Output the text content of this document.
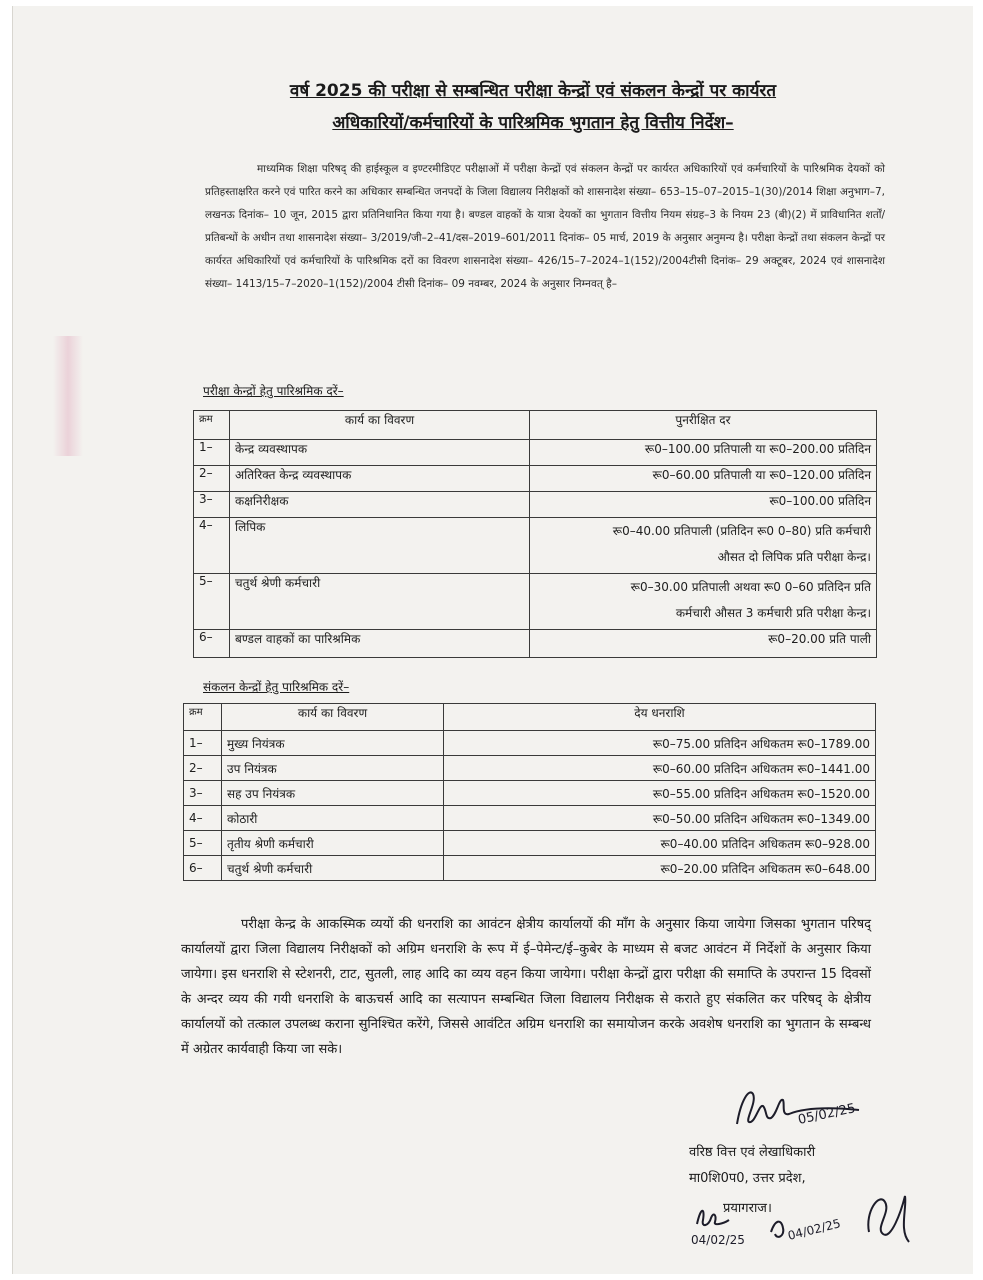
वर्ष 2025 की परीक्षा से सम्बन्धित परीक्षा केन्द्रों एवं संकलन केन्द्रों पर कार्यरत
अधिकारियों/कर्मचारियों के पारिश्रमिक भुगतान हेतु वित्तीय निर्देश–
माध्यमिक शिक्षा परिषद् की हाईस्कूल व इण्टरमीडिएट परीक्षाओं में परीक्षा केन्द्रों एवं संकलन केन्द्रों पर कार्यरत अधिकारियों एवं कर्मचारियों के पारिश्रमिक देयकों को प्रतिहस्ताक्षरित करने एवं पारित करने का अधिकार सम्बन्धित जनपदों के जिला विद्यालय निरीक्षकों को शासनादेश संख्या– 653–15–07–2015–1(30)/2014 शिक्षा अनुभाग–7, लखनऊ दिनांक– 10 जून, 2015 द्वारा प्रतिनिधानित किया गया है। बण्डल वाहकों के यात्रा देयकों का भुगतान वित्तीय नियम संग्रह–3 के नियम 23 (बी)(2) में प्राविधानित शर्तों/प्रतिबन्धों के अधीन तथा शासनादेश संख्या– 3/2019/जी–2–41/दस–2019–601/2011 दिनांक– 05 मार्च, 2019 के अनुसार अनुमन्य है। परीक्षा केन्द्रों तथा संकलन केन्द्रों पर कार्यरत अधिकारियों एवं कर्मचारियों के पारिश्रमिक दरों का विवरण शासनादेश संख्या– 426/15–7–2024–1(152)/2004टीसी दिनांक– 29 अक्टूबर, 2024 एवं शासनादेश संख्या– 1413/15–7–2020–1(152)/2004 टीसी दिनांक– 09 नवम्बर, 2024 के अनुसार निम्नवत् है–
परीक्षा केन्द्रों हेतु पारिश्रमिक दरें–
क्रम	कार्य का विवरण	पुनरीक्षित दर
1–	केन्द्र व्यवस्थापक	रू0–100.00 प्रतिपाली या रू0–200.00 प्रतिदिन
2–	अतिरिक्त केन्द्र व्यवस्थापक	रू0–60.00 प्रतिपाली या रू0–120.00 प्रतिदिन
3–	कक्षनिरीक्षक	रू0–100.00 प्रतिदिन
4–	लिपिक	रू0–40.00 प्रतिपाली (प्रतिदिन रू0 0–80) प्रति कर्मचारी
औसत दो लिपिक प्रति परीक्षा केन्द्र।

5–	चतुर्थ श्रेणी कर्मचारी	रू0–30.00 प्रतिपाली अथवा रू0 0–60 प्रतिदिन प्रति
कर्मचारी औसत 3 कर्मचारी प्रति परीक्षा केन्द्र।

6–	बण्डल वाहकों का पारिश्रमिक	रू0–20.00 प्रति पाली
संकलन केन्द्रों हेतु पारिश्रमिक दरें–
क्रम	कार्य का विवरण	देय धनराशि
1–	मुख्य नियंत्रक	रू0–75.00 प्रतिदिन अधिकतम रू0–1789.00
2–	उप नियंत्रक	रू0–60.00 प्रतिदिन अधिकतम रू0–1441.00
3–	सह उप नियंत्रक	रू0–55.00 प्रतिदिन अधिकतम रू0–1520.00
4–	कोठारी	रू0–50.00 प्रतिदिन अधिकतम रू0–1349.00
5–	तृतीय श्रेणी कर्मचारी	रू0–40.00 प्रतिदिन अधिकतम रू0–928.00
6–	चतुर्थ श्रेणी कर्मचारी	रू0–20.00 प्रतिदिन अधिकतम रू0–648.00
परीक्षा केन्द्र के आकस्मिक व्ययों की धनराशि का आवंटन क्षेत्रीय कार्यालयों की माँग के अनुसार किया जायेगा जिसका भुगतान परिषद् कार्यालयों द्वारा जिला विद्यालय निरीक्षकों को अग्रिम धनराशि के रूप में ई–पेमेन्ट/ई–कुबेर के माध्यम से बजट आवंटन में निर्देशों के अनुसार किया जायेगा। इस धनराशि से स्टेशनरी, टाट, सुतली, लाह आदि का व्यय वहन किया जायेगा। परीक्षा केन्द्रों द्वारा परीक्षा की समाप्ति के उपरान्त 15 दिवसों के अन्दर व्यय की गयी धनराशि के बाऊचर्स आदि का सत्यापन सम्बन्धित जिला विद्यालय निरीक्षक से कराते हुए संकलित कर परिषद् के क्षेत्रीय कार्यालयों को तत्काल उपलब्ध कराना सुनिश्चित करेंगे, जिससे आवंटित अग्रिम धनराशि का समायोजन करके अवशेष धनराशि का भुगतान के सम्बन्ध में अग्रेतर कार्यवाही किया जा सके।
05/02/25
वरिष्ठ वित्त एवं लेखाधिकारी
मा0शि0प0, उत्तर प्रदेश,
प्रयागराज।
04/02/25	04/02/25
